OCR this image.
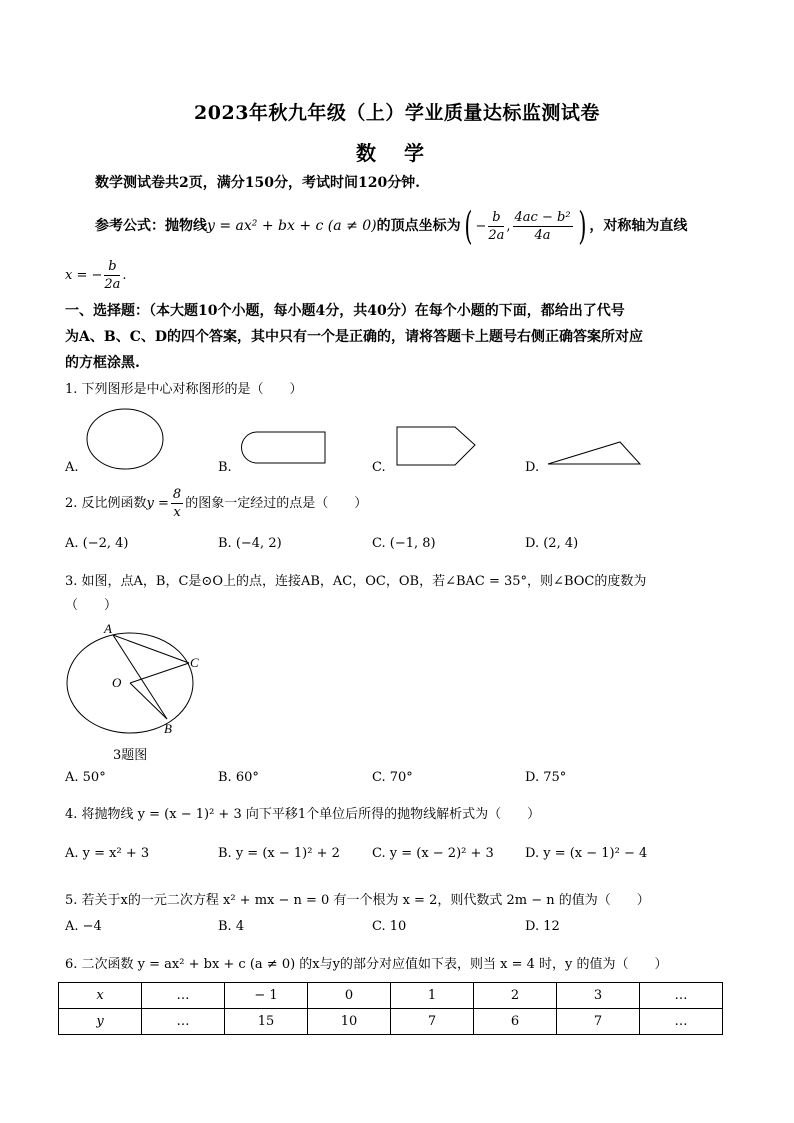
2023年秋九年级（上）学业质量达标监测试卷
数学
数学测试卷共2页，满分150分，考试时间120分钟.
参考公式：抛物线y = ax² + bx + c (a ≠ 0)的顶点坐标为( − $\frac{b}{2a}$ , $\frac{\text{4ac − b²}}{4a}$ ) ，对称轴为直线
x = − $\frac{b}{2a}$ .
一、选择题：（本大题10个小题，每小题4分，共40分）在每个小题的下面，都给出了代号
为A、B、C、D的四个答案，其中只有一个是正确的，请将答题卡上题号右侧正确答案所对应
的方框涂黑.
1. 下列图形是中心对称图形的是（　　）
A.	B.	C.	D.
2. 反比例函数$y = \frac{8}{x}$ 的图象一定经过的点是（　　）
A. (−2, 4)	B. (−4, 2)	C. (−1, 8)	D. (2, 4)
3. 如图，点A，B，C是⊙O上的点，连接AB，AC，OC，OB，若∠BAC = 35°，则∠BOC的度数为
（　　）
A
C
O
B
3题图
A. 50°	B. 60°	C. 70°	D. 75°
4. 将抛物线 y = (x − 1)² + 3 向下平移1个单位后所得的抛物线解析式为（　　）
A. y = x² + 3	B. y = (x − 1)² + 2 C. y = (x − 2)² + 3 D. y = (x − 1)² − 4
5. 若关于x的一元二次方程 x² + mx − n = 0 有一个根为 x = 2，则代数式 2m − n 的值为（　　）
A. −4	B. 4	C. 10	D. 12
6. 二次函数 y = ax² + bx + c (a ≠ 0) 的x与y的部分对应值如下表，则当 x = 4 时，y 的值为（　　）
x	…	− 1	0	1	2	3	…
y	…	15	10	7	6	7	…
